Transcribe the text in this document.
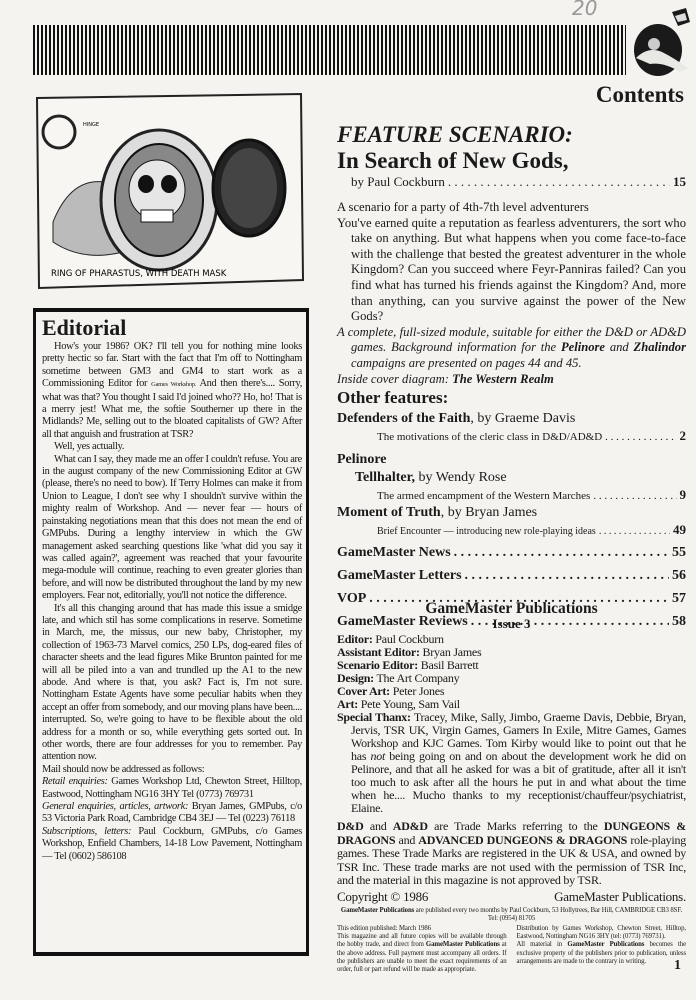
20
Contents
HINGE
RING OF PHARASTUS, WITH DEATH MASK
Editorial

How's your 1986? OK? I'll tell you for nothing mine looks pretty hectic so far. Start with the fact that I'm off to Nottingham sometime between GM3 and GM4 to start work as a Commissioning Editor for Games Workshop. And then there's.... Sorry, what was that? You thought I said I'd joined who?? Ho, ho! That is a merry jest! What me, the softie Southerner up there in the Midlands? Me, selling out to the bloated capitalists of GW? After all that anguish and frustration at TSR?

Well, yes actually.

What can I say, they made me an offer I couldn't refuse. You are in the august company of the new Commissioning Editor at GW (please, there's no need to bow). If Terry Holmes can make it from Union to League, I don't see why I shouldn't survive within the mighty realm of Workshop. And — never fear — hours of painstaking negotiations mean that this does not mean the end of GMPubs. During a lengthy interview in which the GW management asked searching questions like 'what did you say it was called again?', agreement was reached that your favourite mega-module will continue, reaching to even greater glories than before, and will now be distributed throughout the land by my new employers. Fear not, editorially, you'll not notice the difference.

It's all this changing around that has made this issue a smidge late, and which stil has some complications in reserve. Sometime in March, me, the missus, our new baby, Christopher, my collection of 1963-73 Marvel comics, 250 LPs, dog-eared files of character sheets and the lead figures Mike Brunton painted for me will all be piled into a van and trundled up the A1 to the new abode. And where is that, you ask? Fact is, I'm not sure. Nottingham Estate Agents have some peculiar habits when they accept an offer from somebody, and our moving plans have been.... interrupted. So, we're going to have to be flexible about the old address for a month or so, while everything gets sorted out. In other words, there are four addresses for you to remember. Pay attention now.

Mail should now be addressed as follows:

Retail enquiries: Games Workshop Ltd, Chewton Street, Hilltop, Eastwood, Nottingham NG16 3HY Tel (0773) 769731

General enquiries, articles, artwork: Bryan James, GMPubs, c/o 53 Victoria Park Road, Cambridge CB4 3EJ — Tel (0223) 76118

Subscriptions, letters: Paul Cockburn, GMPubs, c/o Games Workshop, Enfield Chambers, 14-18 Low Pavement, Nottingham — Tel (0602) 586108

FEATURE SCENARIO:
In Search of New Gods,
by Paul Cockburn . . .	15
A scenario for a party of 4th-7th level adventurers
You've earned quite a reputation as fearless adventurers, the sort who take on anything. But what happens when you come face-to-face with the challenge that bested the greatest adventurer in the whole Kingdom? Can you succeed where Feyr-Panniras failed? Can you find what has turned his friends against the Kingdom? And, more than anything, can you survive against the power of the New Gods?
A complete, full-sized module, suitable for either the D&D or AD&D games. Background information for the Pelinore and Zhalindor campaigns are presented on pages 44 and 45.
Inside cover diagram: The Western Realm
Other features:
Defenders of the Faith, by Graeme Davis
The motivations of the cleric class in D&D/AD&D . . .	2
Pelinore
Tellhalter, by Wendy Rose
The armed encampment of the Western Marches . . .	9
Moment of Truth, by Bryan James
Brief Encounter — introducing new role-playing ideas . . .	49
GameMaster News . . .	55
GameMaster Letters . . .	56
VOP . . .	57
GameMaster Reviews . . .	58
GameMaster Publications
Issue 3
Editor: Paul Cockburn
Assistant Editor: Bryan James
Scenario Editor: Basil Barrett
Design: The Art Company
Cover Art: Peter Jones
Art: Pete Young, Sam Vail
Special Thanx: Tracey, Mike, Sally, Jimbo, Graeme Davis, Debbie, Bryan, Jervis, TSR UK, Virgin Games, Gamers In Exile, Mitre Games, Games Workshop and KJC Games. Tom Kirby would like to point out that he has not being going on and on about the development work he did on Pelinore, and that all he asked for was a bit of gratitude, after all it isn't too much to ask after all the hours he put in and what about the time when he.... Mucho thanks to my receptionist/chauffeur/psychiatrist, Elaine.
D&D and AD&D are Trade Marks referring to the DUNGEONS & DRAGONS and ADVANCED DUNGEONS & DRAGONS role-playing games. These Trade Marks are registered in the UK & USA, and owned by TSR Inc. These trade marks are not used with the permission of TSR Inc, and the material in this magazine is not approved by TSR.
Copyright © 1986	GameMaster Publications.
GameMaster Publications are published every two months by Paul Cockburn, 53 Hollytrees, Bar Hill, CAMBRIDGE CB3 8SF.
Tel: (0954) 81705
This edition published: March 1986
This magazine and all future copies will be available through the hobby trade, and direct from GameMaster Publications at the above address. Full payment must accompany all orders. If the publishers are unable to meet the exact requirements of an order, full or part refund will be made as appropriate.
Distribution by Games Workshop, Chewton Street, Hilltop, Eastwood, Nottingham NG16 3HY (tel: (0773) 769731).
All material in GameMaster Publications becomes the exclusive property of the publishers prior to publication, unless arrangements are made to the contrary in writing.	1
